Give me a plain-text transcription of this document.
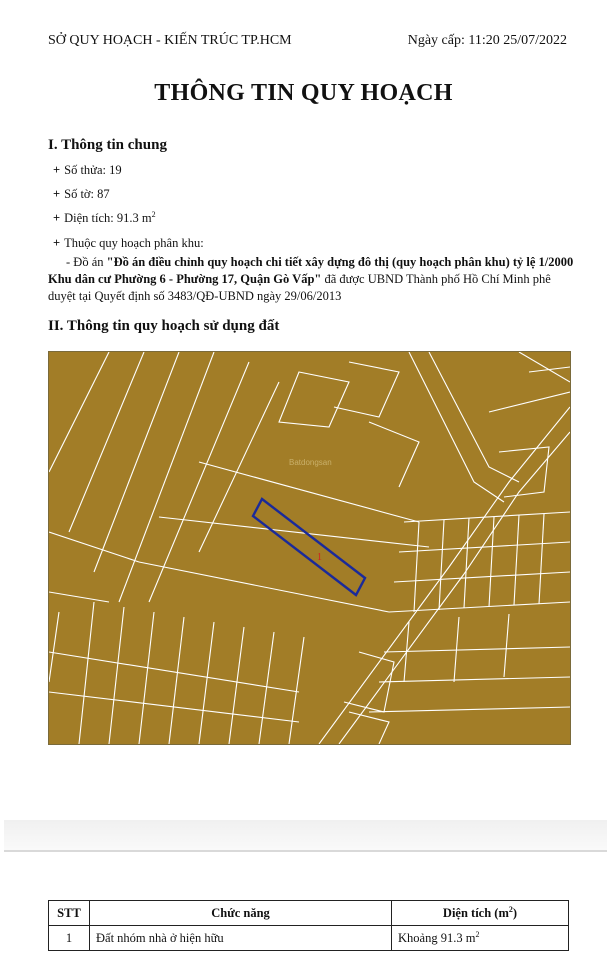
SỞ QUY HOẠCH - KIẾN TRÚC TP.HCM	Ngày cấp: 11:20 25/07/2022
THÔNG TIN QUY HOẠCH
I. Thông tin chung
+ Số thửa: 19
+ Số tờ: 87
+ Diện tích: 91.3 $m^2$
+ Thuộc quy hoạch phân khu:
- Đồ án "Đồ án điều chỉnh quy hoạch chi tiết xây dựng đô thị (quy hoạch phân khu) tỷ lệ 1/2000 Khu dân cư Phường 6 - Phường 17, Quận Gò Vấp" đã được UBND Thành phố Hồ Chí Minh phê duyệt tại Quyết định số 3483/QĐ-UBND ngày 29/06/2013
II. Thông tin quy hoạch sử dụng đất
1
Batdongsan
STT	Chức năng	Diện tích $(m^2)$
1	Đất nhóm nhà ở hiện hữu	Khoảng 91.3 $m^2$
